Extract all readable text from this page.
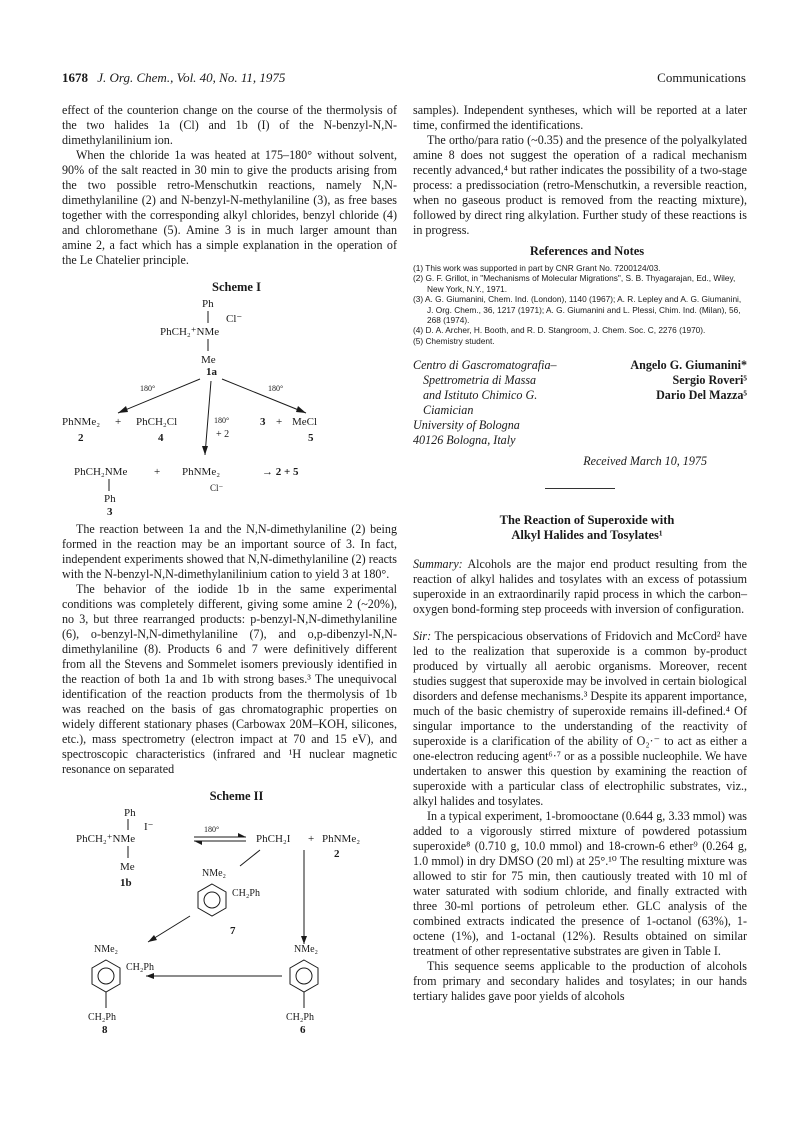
1678 J. Org. Chem., Vol. 40, No. 11, 1975	Communications

effect of the counterion change on the course of the thermolysis of the two halides 1a (Cl) and 1b (I) of the N-benzyl-N,N-dimethylanilinium ion.

When the chloride 1a was heated at 175–180° without solvent, 90% of the salt reacted in 30 min to give the products arising from the two possible retro-Menschutkin reactions, namely N,N-dimethylaniline (2) and N-benzyl-N-methylaniline (3), as free bases together with the corresponding alkyl chlorides, benzyl chloride (4) and chloromethane (5). Amine 3 is in much larger amount than amine 2, a fact which has a simple explanation in the operation of the Le Chatelier principle.

Scheme I

Ph
Cl⁻
PhCH₂⁺NMe
Me
1a
180°	180°
180°
+ 2
PhNMe₂ + PhCH₂Cl	3 + MeCl
2	4	5
PhCH₂NMe + PhNMe₂
Cl⁻
→ 2 + 5
Ph
3

The reaction between 1a and the N,N-dimethylaniline (2) being formed in the reaction may be an important source of 3. In fact, independent experiments showed that N,N-dimethylaniline (2) reacts with the N-benzyl-N,N-dimethylanilinium cation to yield 3 at 180°.

The behavior of the iodide 1b in the same experimental conditions was completely different, giving some amine 2 (~20%), no 3, but three rearranged products: p-benzyl-N,N-dimethylaniline (6), o-benzyl-N,N-dimethylaniline (7), and o,p-dibenzyl-N,N-dimethylaniline (8). Products 6 and 7 were definitively different from all the Stevens and Sommelet isomers previously identified in the reaction of both 1a and 1b with strong bases.³ The unequivocal identification of the reaction products from the thermolysis of 1b was reached on the basis of gas chromatographic properties on widely different stationary phases (Carbowax 20M–KOH, silicones, etc.), mass spectrometry (electron impact at 70 and 15 eV), and spectroscopic characteristics (infrared and ¹H nuclear magnetic resonance on separated

Scheme II

Ph
I⁻	180°
PhCH₂⁺NMe	PhCH₂I + PhNMe₂
2
Me
1b
NMe₂
CH₂Ph
7
NMe₂
CH₂Ph
NMe₂
CH₂Ph	CH₂Ph
8	6

samples). Independent syntheses, which will be reported at a later time, confirmed the identifications.

The ortho/para ratio (~0.35) and the presence of the polyalkylated amine 8 does not suggest the operation of a radical mechanism recently advanced,⁴ but rather indicates the possibility of a two-stage process: a predissociation (retro-Menschutkin, a reversible reaction, when no gaseous product is removed from the reacting mixture), followed by direct ring alkylation. Further study of these reactions is in progress.

References and Notes

(1) This work was supported in part by CNR Grant No. 7200124/03.
(2) G. F. Grillot, in "Mechanisms of Molecular Migrations", S. B. Thyagarajan, Ed., Wiley, New York, N.Y., 1971.
(3) A. G. Giumanini, Chem. Ind. (London), 1140 (1967); A. R. Lepley and A. G. Giumanini, J. Org. Chem., 36, 1217 (1971); A. G. Giumanini and L. Plessi, Chim. Ind. (Milan), 56, 268 (1974).
(4) D. A. Archer, H. Booth, and R. D. Stangroom, J. Chem. Soc. C, 2276 (1970).
(5) Chemistry student.
Centro di Gascromatografia–
Spettrometria di Massa
and Istituto Chimico G.
Ciamician
University of Bologna
40126 Bologna, Italy
Angelo G. Giumanini*
Sergio Roveri⁵
Dario Del Mazza⁵
Received March 10, 1975

The Reaction of Superoxide with

Alkyl Halides and Tosylates¹

Summary: Alcohols are the major end product resulting from the reaction of alkyl halides and tosylates with an excess of potassium superoxide in an extraordinarily rapid process in which the carbon–oxygen bond-forming step proceeds with inversion of configuration.

Sir: The perspicacious observations of Fridovich and McCord² have led to the realization that superoxide is a common by-product produced by virtually all aerobic organisms. Moreover, recent studies suggest that superoxide may be involved in certain biological disorders and defense mechanisms.³ Despite its apparent importance, much of the basic chemistry of superoxide remains ill-defined.⁴ Of singular importance to the understanding of the reactivity of superoxide is a clarification of the ability of O₂·⁻ to act as either a one-electron reducing agent⁶·⁷ or as a possible nucleophile. We have undertaken to answer this question by examining the reaction of superoxide with a particular class of electrophilic substrates, viz., alkyl halides and tosylates.

In a typical experiment, 1-bromooctane (0.644 g, 3.33 mmol) was added to a vigorously stirred mixture of powdered potassium superoxide⁸ (0.710 g, 10.0 mmol) and 18-crown-6 ether⁹ (0.264 g, 1.0 mmol) in dry DMSO (20 ml) at 25°.¹⁰ The resulting mixture was allowed to stir for 75 min, then cautiously treated with 10 ml of water saturated with sodium chloride, and finally extracted with three 30-ml portions of petroleum ether. GLC analysis of the combined extracts indicated the presence of 1-octanol (63%), 1-octene (1%), and 1-octanal (12%). Results obtained on similar treatment of other representative substrates are given in Table I.

This sequence seems applicable to the production of alcohols from primary and secondary halides and tosylates; in our hands tertiary halides gave poor yields of alcohols
